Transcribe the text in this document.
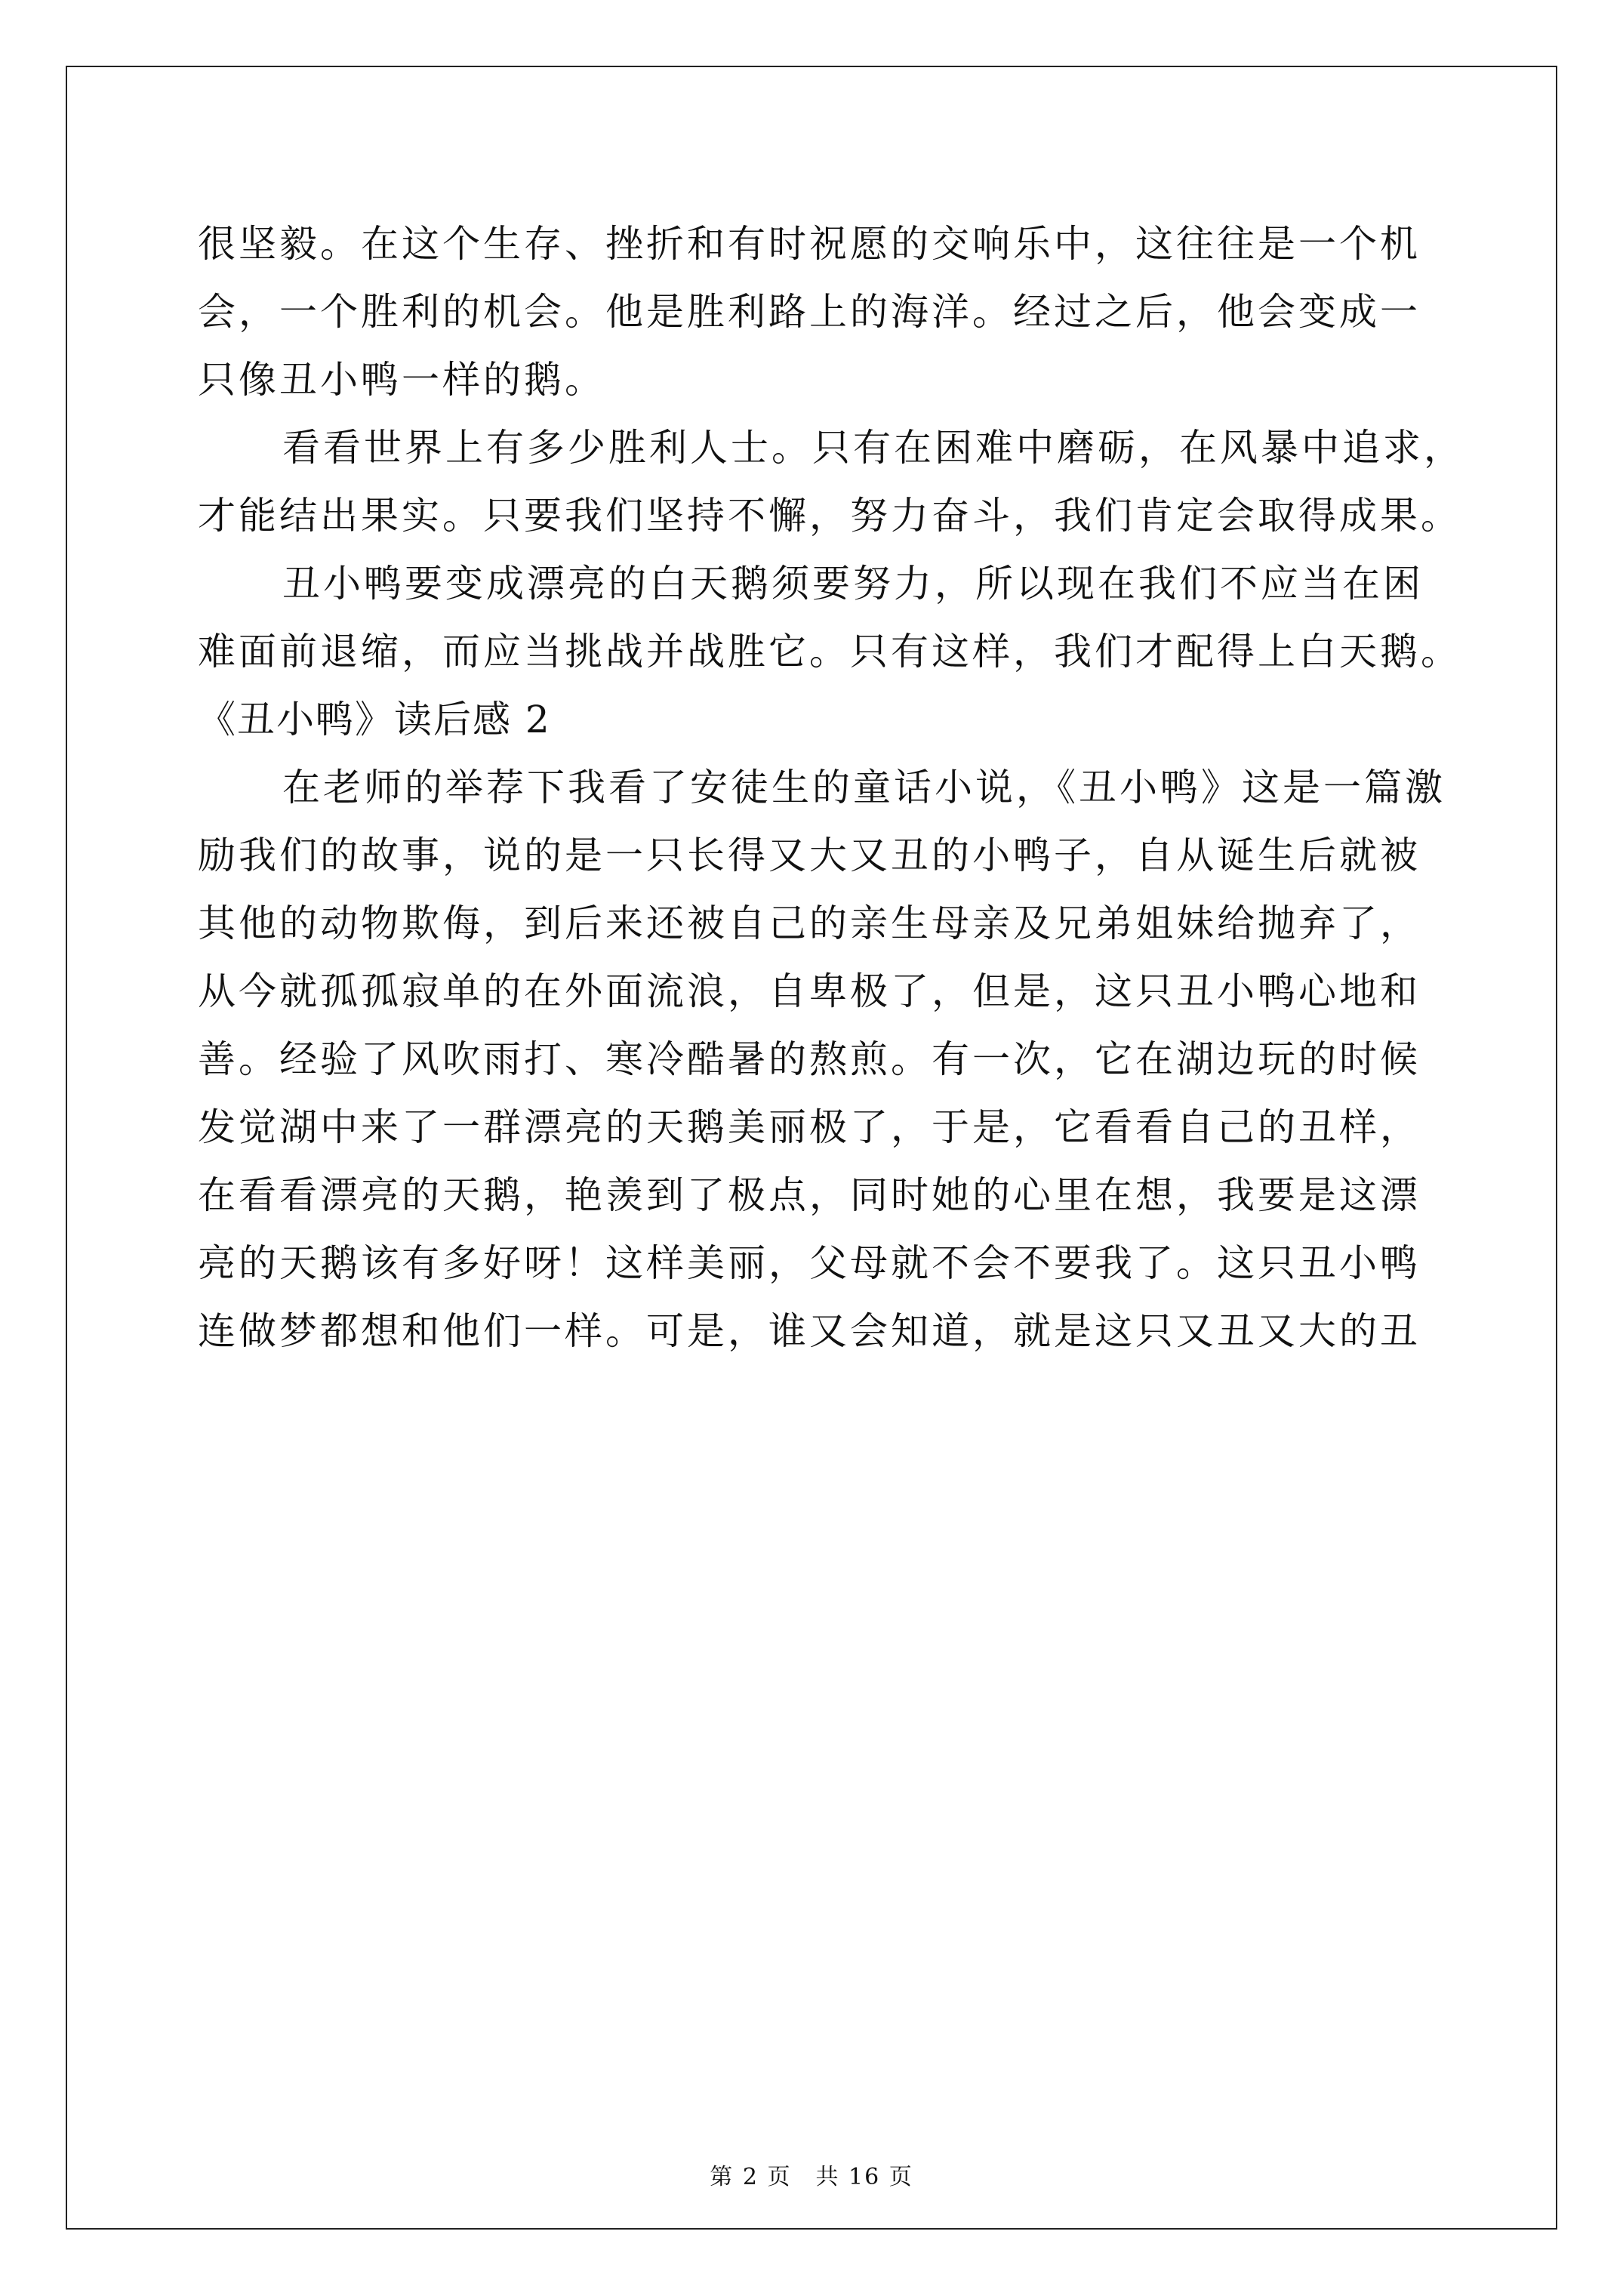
很坚毅。在这个生存、挫折和有时祝愿的交响乐中，这往往是一个机
会，一个胜利的机会。他是胜利路上的海洋。经过之后，他会变成一
只像丑小鸭一样的鹅。
看看世界上有多少胜利人士。只有在困难中磨砺，在风暴中追求，
才能结出果实。只要我们坚持不懈，努力奋斗，我们肯定会取得成果。
丑小鸭要变成漂亮的白天鹅须要努力，所以现在我们不应当在困
难面前退缩，而应当挑战并战胜它。只有这样，我们才配得上白天鹅。
《丑小鸭》读后感 2
在老师的举荐下我看了安徒生的童话小说，《丑小鸭》这是一篇激
励我们的故事，说的是一只长得又大又丑的小鸭子，自从诞生后就被
其他的动物欺侮，到后来还被自己的亲生母亲及兄弟姐妹给抛弃了，
从今就孤孤寂单的在外面流浪，自卑极了，但是，这只丑小鸭心地和
善。经验了风吹雨打、寒冷酷暑的熬煎。有一次，它在湖边玩的时候
发觉湖中来了一群漂亮的天鹅美丽极了，于是，它看看自己的丑样，
在看看漂亮的天鹅，艳羡到了极点，同时她的心里在想，我要是这漂
亮的天鹅该有多好呀！这样美丽，父母就不会不要我了。这只丑小鸭
连做梦都想和他们一样。可是，谁又会知道，就是这只又丑又大的丑
第 2 页　共 16 页
